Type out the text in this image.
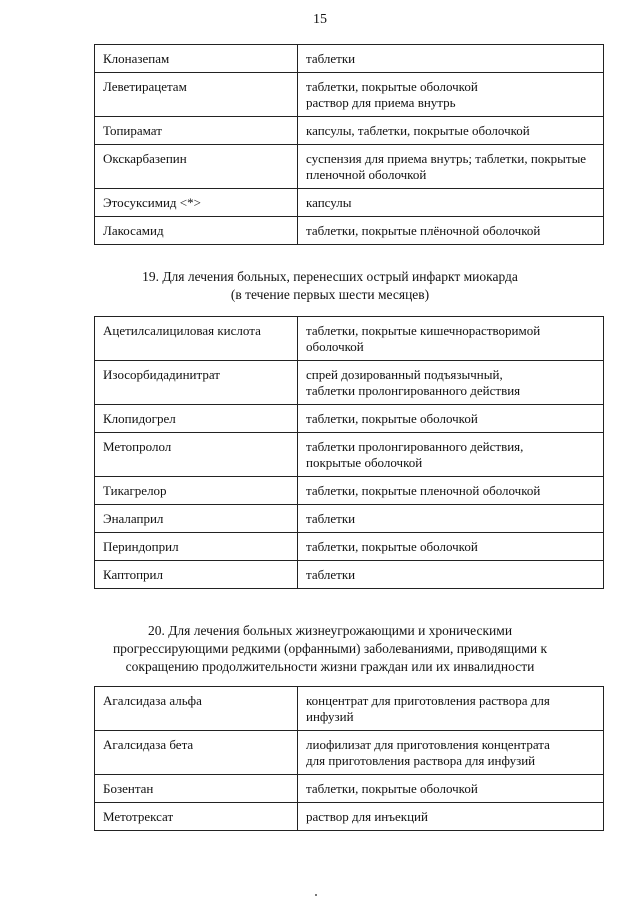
15
Клоназепам	таблетки
Леветирацетам	таблетки, покрытые оболочкой
раствор для приема внутрь
Топирамат	капсулы, таблетки, покрытые оболочкой
Окскарбазепин	суспензия для приема внутрь; таблетки, покрытые пленочной оболочкой
Этосуксимид <*>	капсулы
Лакосамид	таблетки, покрытые плёночной оболочкой
19. Для лечения больных, перенесших острый инфаркт миокарда
(в течение первых шести месяцев)
Ацетилсалициловая кислота	таблетки, покрытые кишечнорастворимой оболочкой
Изосорбидадинитрат	спрей дозированный подъязычный,
таблетки пролонгированного действия
Клопидогрел	таблетки, покрытые оболочкой
Метопролол	таблетки пролонгированного действия,
покрытые оболочкой
Тикагрелор	таблетки, покрытые пленочной оболочкой
Эналаприл	таблетки
Периндоприл	таблетки, покрытые оболочкой
Каптоприл	таблетки
20. Для лечения больных жизнеугрожающими и хроническими
прогрессирующими редкими (орфанными) заболеваниями, приводящими к
сокращению продолжительности жизни граждан или их инвалидности
Агалсидаза альфа	концентрат для приготовления раствора для инфузий
Агалсидаза бета	лиофилизат для приготовления концентрата
для приготовления раствора для инфузий
Бозентан	таблетки, покрытые оболочкой
Метотрексат	раствор для инъекций
